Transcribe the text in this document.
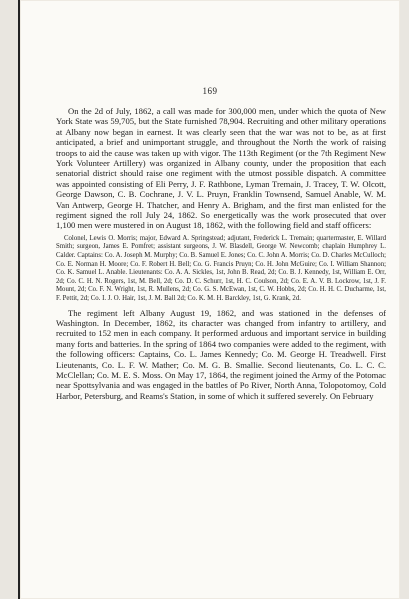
169

On the 2d of July, 1862, a call was made for 300,000 men, under which the quota of New York State was 59,705, but the State furnished 78,904. Recruiting and other military operations at Albany now began in earnest. It was clearly seen that the war was not to be, as at first anticipated, a brief and unimportant struggle, and throughout the North the work of raising troops to aid the cause was taken up with vigor. The 113th Regiment (or the 7th Regiment New York Volunteer Artillery) was organized in Albany county, under the proposition that each senatorial district should raise one regiment with the utmost possible dispatch. A committee was appointed consisting of Eli Perry, J. F. Rathbone, Lyman Tremain, J. Tracey, T. W. Olcott, George Dawson, C. B. Cochrane, J. V. L. Pruyn, Franklin Townsend, Samuel Anable, W. M. Van Antwerp, George H. Thatcher, and Henry A. Brigham, and the first man enlisted for the regiment signed the roll July 24, 1862. So energetically was the work prosecuted that over 1,100 men were mustered in on August 18, 1862, with the following field and staff officers:

Colonel, Lewis O. Morris; major, Edward A. Springstead; adjutant, Frederick L. Tremain; quartermaster, E. Willard Smith; surgeon, James E. Pomfret; assistant surgeons, J. W. Blasdell, George W. Newcomb; chaplain Humphrey L. Calder. Captains: Co. A. Joseph M. Murphy; Co. B. Samuel E. Jones; Co. C. John A. Morris; Co. D. Charles McCulloch; Co. E. Norman H. Moore; Co. F. Robert H. Bell; Co. G. Francis Pruyn; Co. H. John McGuire; Co. I. William Shannon; Co. K. Samuel L. Anable. Lieutenants: Co. A. A. Sickles, 1st, John B. Read, 2d; Co. B. J. Kennedy, 1st, William E. Orr, 2d; Co. C. H. N. Rogers, 1st, M. Bell, 2d; Co. D. C. Schurr, 1st, H. C. Coulson, 2d; Co. E. A. V. B. Lockrow, 1st, J. F. Mount, 2d; Co. F. N. Wright, 1st, R. Mullens, 2d; Co. G. S. McEwan, 1st, C. W. Hobbs, 2d; Co. H. H. C. Ducharme, 1st, F. Pettit, 2d; Co. I. J. O. Hair, 1st, J. M. Ball 2d; Co. K. M. H. Barckley, 1st, G. Krank, 2d.

The regiment left Albany August 19, 1862, and was stationed in the defenses of Washington. In December, 1862, its character was changed from infantry to artillery, and recruited to 152 men in each company. It performed arduous and important service in building many forts and batteries. In the spring of 1864 two companies were added to the regiment, with the following officers: Captains, Co. L. James Kennedy; Co. M. George H. Treadwell. First Lieutenants, Co. L. F. W. Mather; Co. M. G. B. Smallie. Second lieutenants, Co. L. C. C. McClellan; Co. M. E. S. Moss. On May 17, 1864, the regiment joined the Army of the Potomac near Spottsylvania and was engaged in the battles of Po River, North Anna, Tolopotomoy, Cold Harbor, Petersburg, and Reams's Station, in some of which it suffered severely. On February
